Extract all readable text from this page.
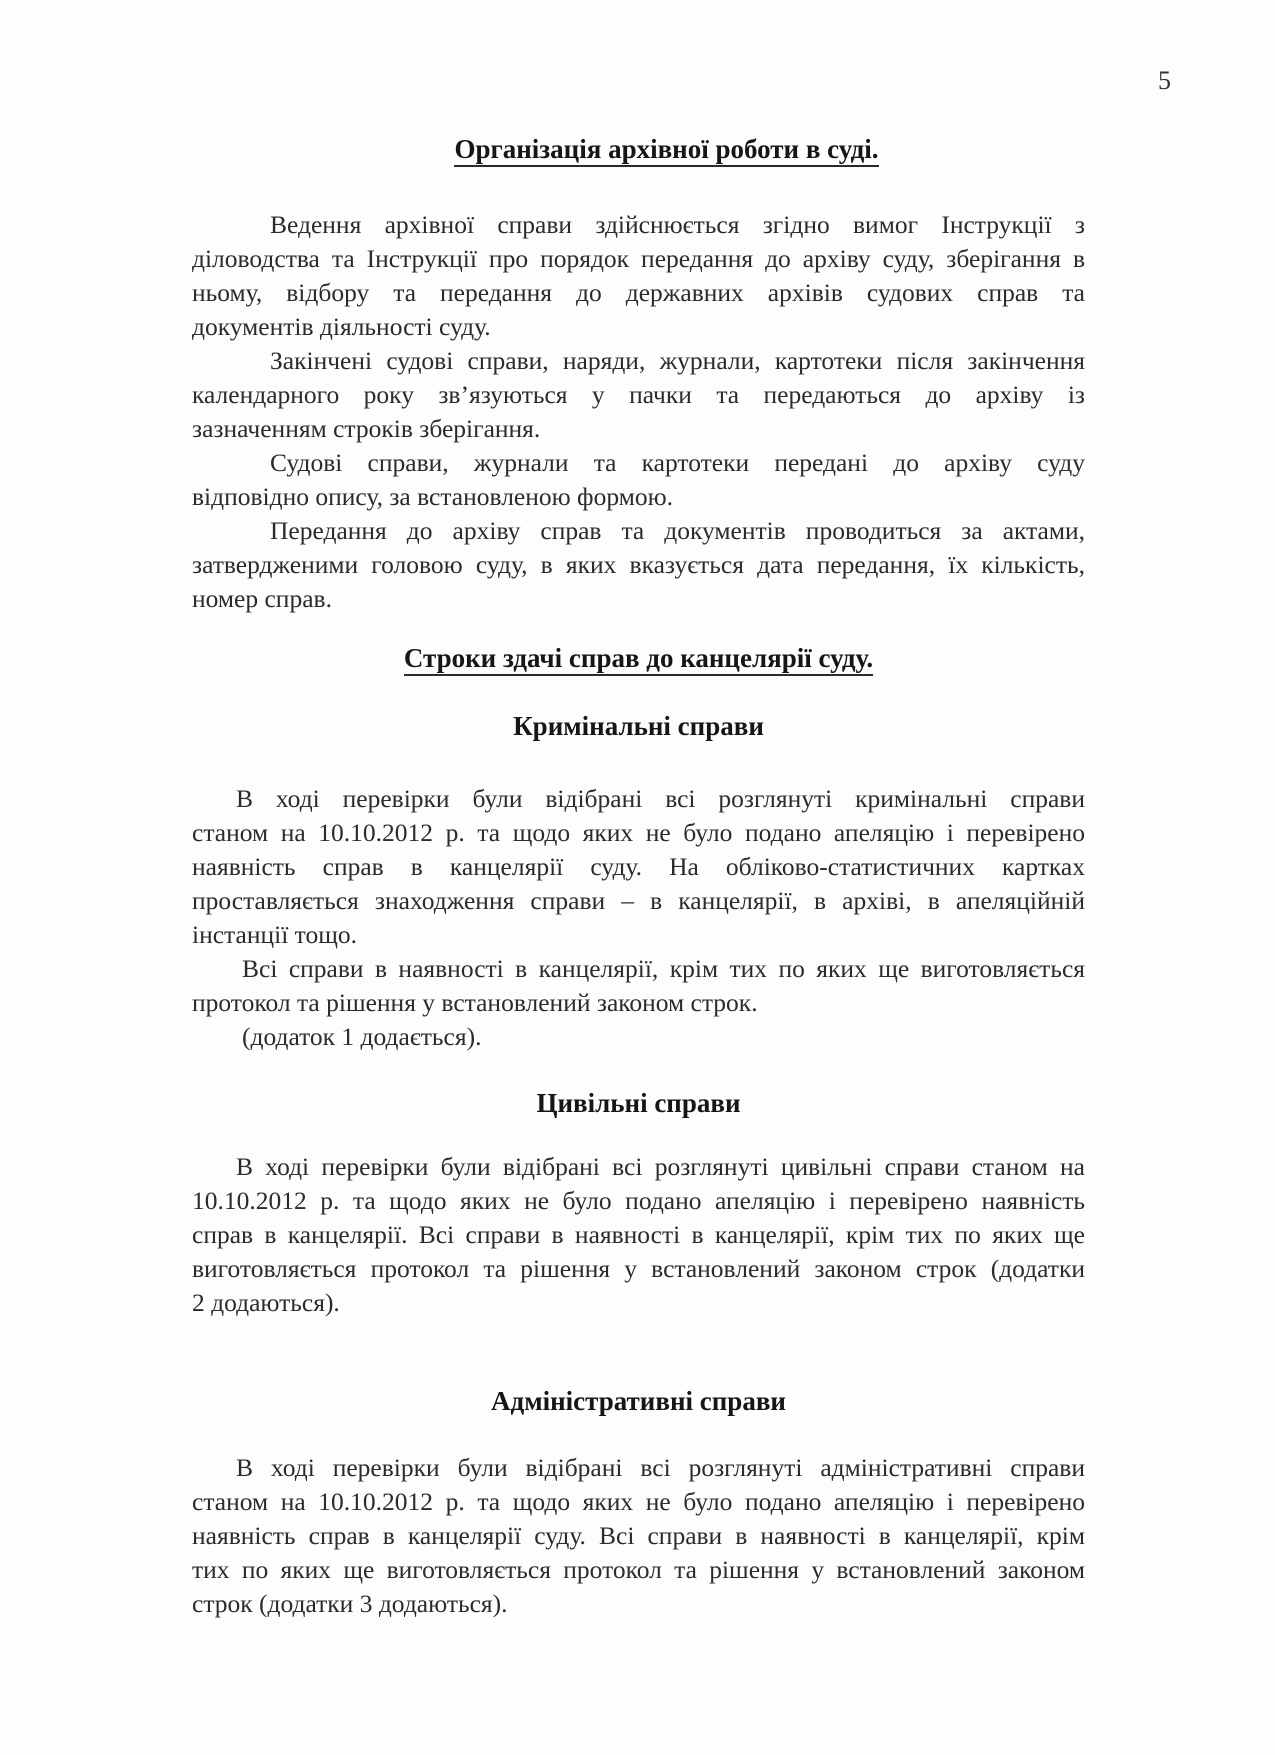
5
Організація архівної роботи в суді.
Ведення архівної справи здійснюється згідно вимог Інструкції з
діловодства та Інструкції про порядок передання до архіву суду, зберігання в
ньому, відбору та передання до державних архівів судових справ та
документів діяльності суду.
Закінчені судові справи, наряди, журнали, картотеки після закінчення
календарного року зв’язуються у пачки та передаються до архіву із
зазначенням строків зберігання.
Судові справи, журнали та картотеки передані до архіву суду
відповідно опису, за встановленою формою.
Передання до архіву справ та документів проводиться за актами,
затвердженими головою суду, в яких вказується дата передання, їх кількість,
номер справ.
Строки здачі справ до канцелярії суду.
Кримінальні справи
В ході перевірки були відібрані всі розглянуті кримінальні справи
станом на 10.10.2012 р. та щодо яких не було подано апеляцію і перевірено
наявність справ в канцелярії суду. На обліково-статистичних картках
проставляється знаходження справи – в канцелярії, в архіві, в апеляційній
інстанції тощо.
Всі справи в наявності в канцелярії, крім тих по яких ще виготовляється
протокол та рішення у встановлений законом строк.
(додаток 1 додається).
Цивільні справи
В ході перевірки були відібрані всі розглянуті цивільні справи станом на
10.10.2012 р. та щодо яких не було подано апеляцію і перевірено наявність
справ в канцелярії. Всі справи в наявності в канцелярії, крім тих по яких ще
виготовляється протокол та рішення у встановлений законом строк (додатки
2 додаються).
Адміністративні справи
В ході перевірки були відібрані всі розглянуті адміністративні справи
станом на 10.10.2012 р. та щодо яких не було подано апеляцію і перевірено
наявність справ в канцелярії суду. Всі справи в наявності в канцелярії, крім
тих по яких ще виготовляється протокол та рішення у встановлений законом
строк (додатки 3 додаються).
